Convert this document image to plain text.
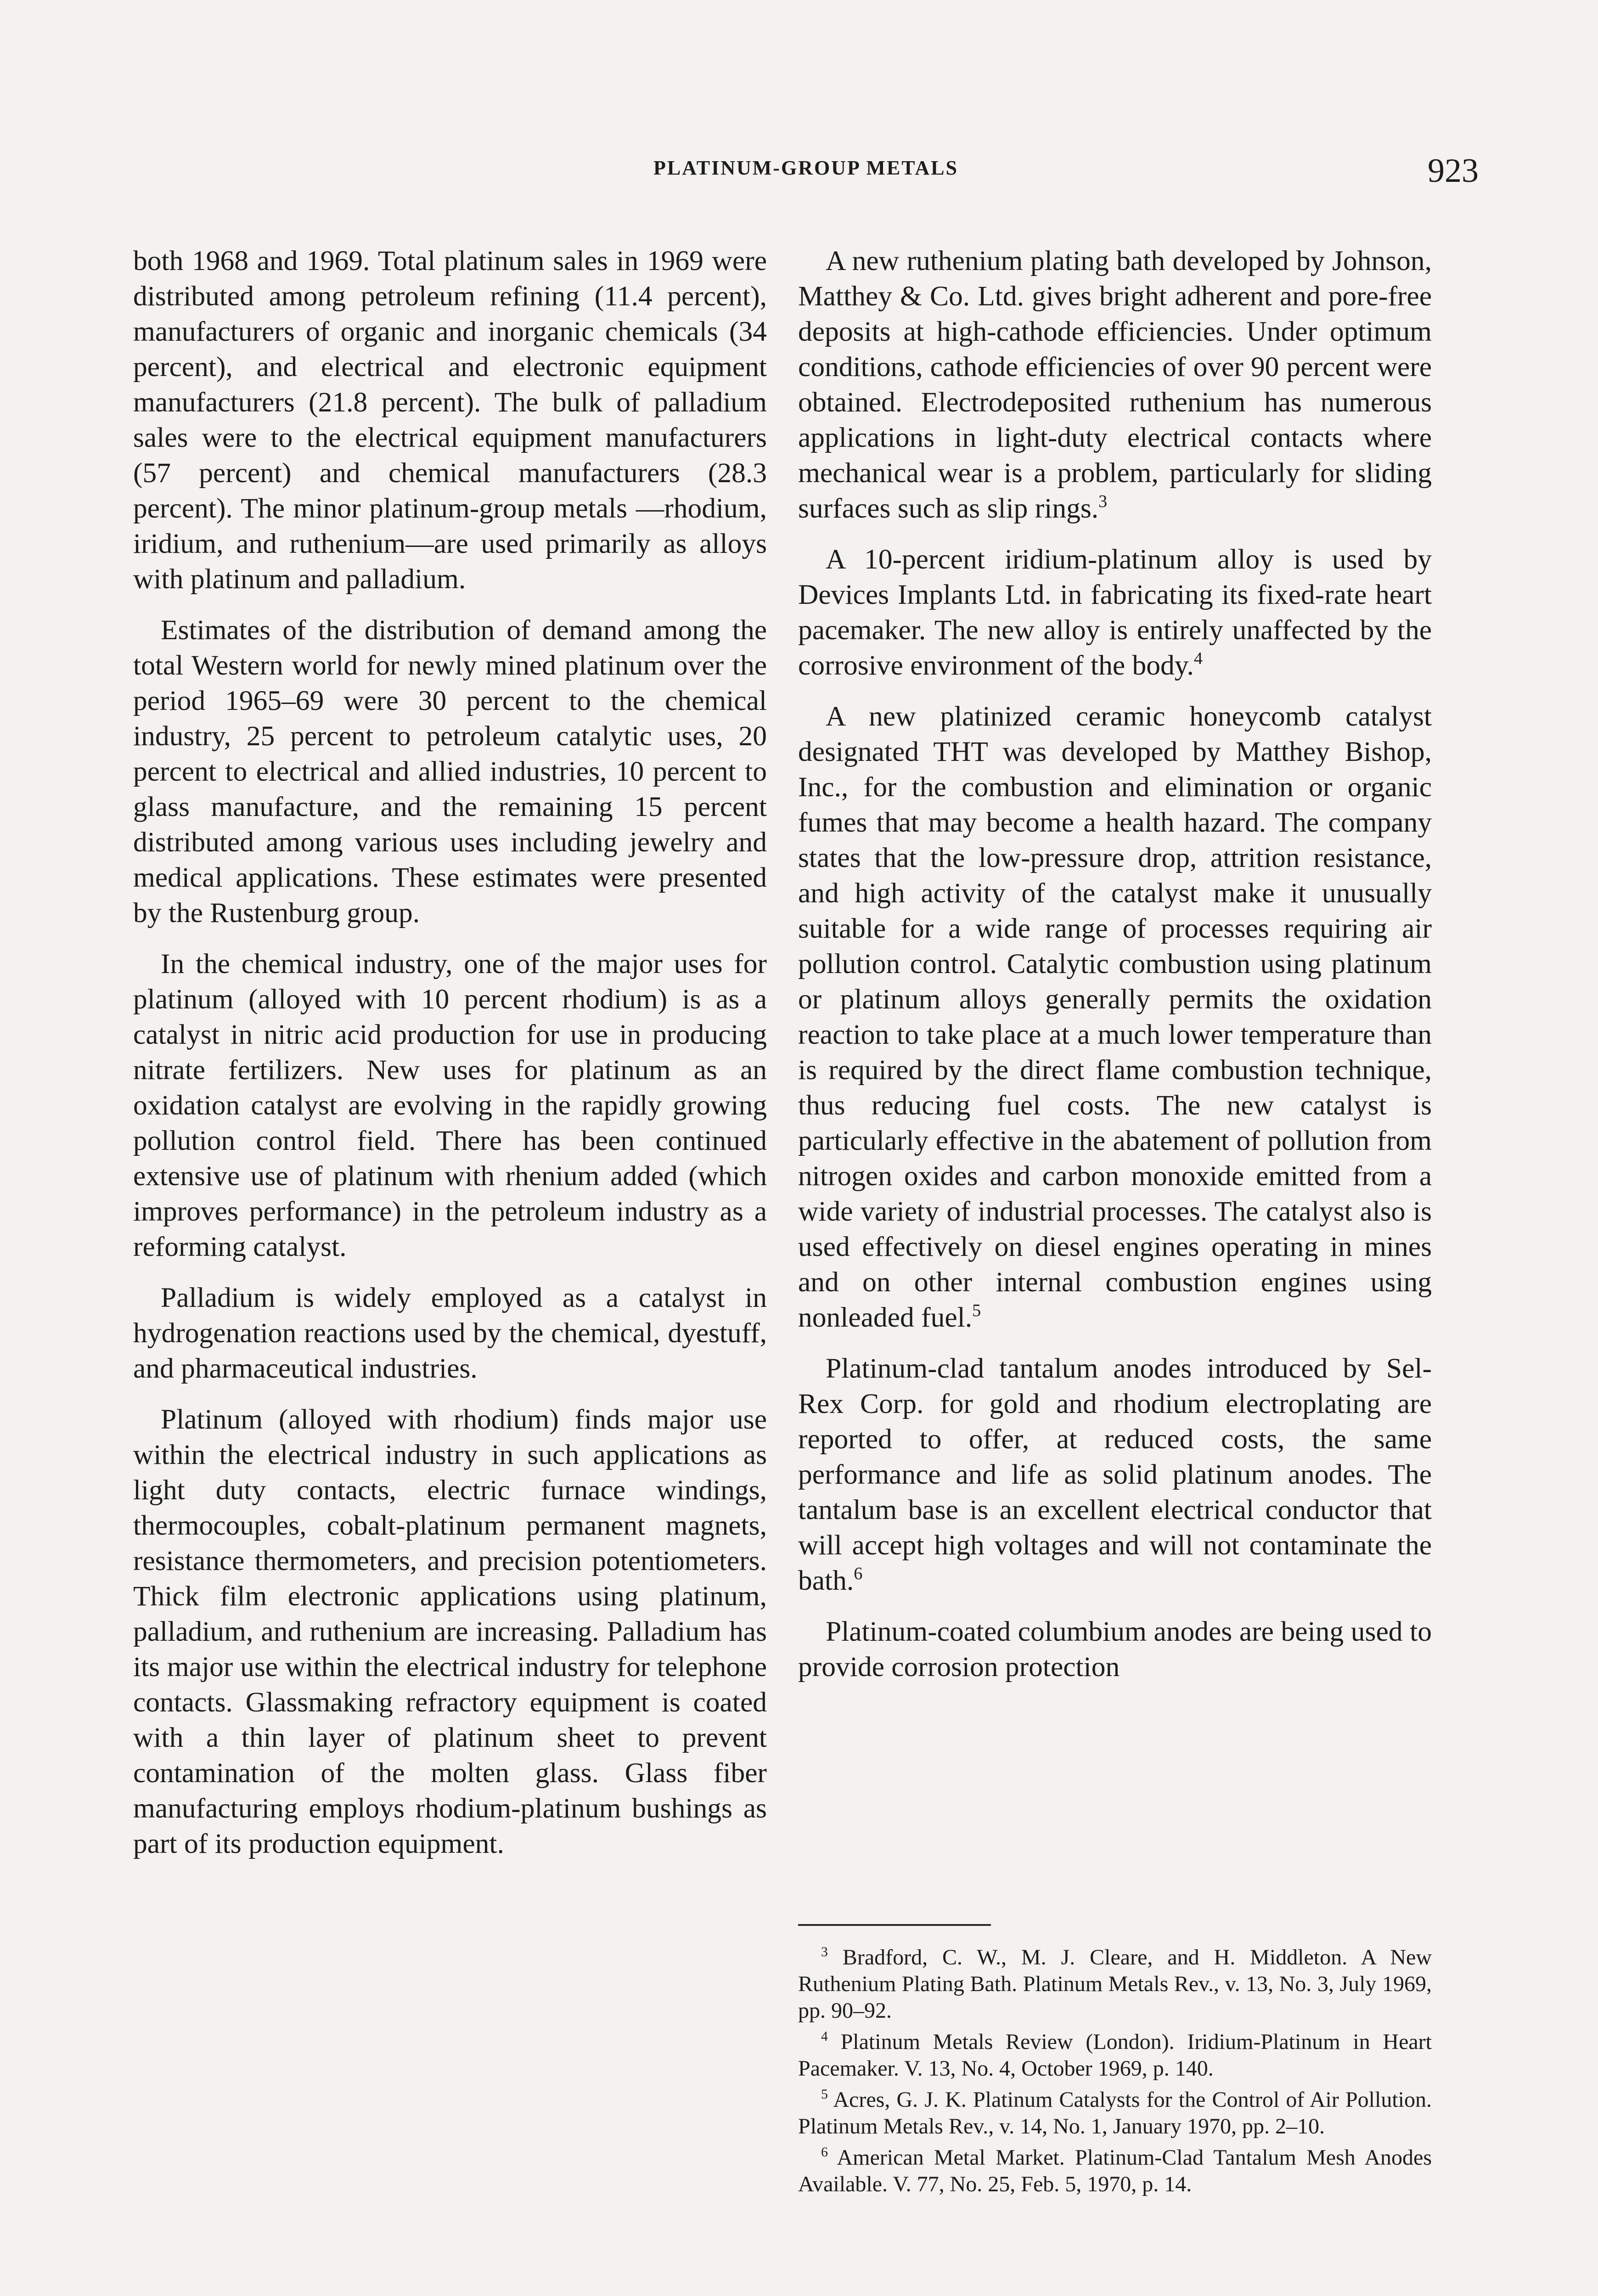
PLATINUM-GROUP METALS	923

both 1968 and 1969. Total platinum sales in 1969 were distributed among petroleum refining (11.4 percent), manufacturers of organic and inorganic chemicals (34 percent), and electrical and electronic equipment manufacturers (21.8 percent). The bulk of palladium sales were to the electrical equipment manufacturers (57 percent) and chemical manufacturers (28.3 percent). The minor platinum-group metals —rhodium, iridium, and ruthenium—are used primarily as alloys with platinum and palladium.

Estimates of the distribution of demand among the total Western world for newly mined platinum over the period 1965–69 were 30 percent to the chemical industry, 25 percent to petroleum catalytic uses, 20 percent to electrical and allied industries, 10 percent to glass manufacture, and the remaining 15 percent distributed among various uses including jewelry and medical applications. These estimates were presented by the Rustenburg group.

In the chemical industry, one of the major uses for platinum (alloyed with 10 percent rhodium) is as a catalyst in nitric acid production for use in producing nitrate fertilizers. New uses for platinum as an oxidation catalyst are evolving in the rapidly growing pollution control field. There has been continued extensive use of platinum with rhenium added (which improves performance) in the petroleum industry as a reforming catalyst.

Palladium is widely employed as a catalyst in hydrogenation reactions used by the chemical, dyestuff, and pharmaceutical industries.

Platinum (alloyed with rhodium) finds major use within the electrical industry in such applications as light duty contacts, electric furnace windings, thermocouples, cobalt-platinum permanent magnets, resistance thermometers, and precision potentiometers. Thick film electronic applications using platinum, palladium, and ruthenium are increasing. Palladium has its major use within the electrical industry for telephone contacts. Glassmaking refractory equipment is coated with a thin layer of platinum sheet to prevent contamination of the molten glass. Glass fiber manufacturing employs rhodium-platinum bushings as part of its production equipment.

A new ruthenium plating bath developed by Johnson, Matthey & Co. Ltd. gives bright adherent and pore-free deposits at high-cathode efficiencies. Under optimum conditions, cathode efficiencies of over 90 percent were obtained. Electrodeposited ruthenium has numerous applications in light-duty electrical contacts where mechanical wear is a problem, particularly for sliding surfaces such as slip rings.$^3$

A 10-percent iridium-platinum alloy is used by Devices Implants Ltd. in fabricating its fixed-rate heart pacemaker. The new alloy is entirely unaffected by the corrosive environment of the body.$^4$

A new platinized ceramic honeycomb catalyst designated THT was developed by Matthey Bishop, Inc., for the combustion and elimination or organic fumes that may become a health hazard. The company states that the low-pressure drop, attrition resistance, and high activity of the catalyst make it unusually suitable for a wide range of processes requiring air pollution control. Catalytic combustion using platinum or platinum alloys generally permits the oxidation reaction to take place at a much lower temperature than is required by the direct flame combustion technique, thus reducing fuel costs. The new catalyst is particularly effective in the abatement of pollution from nitrogen oxides and carbon monoxide emitted from a wide variety of industrial processes. The catalyst also is used effectively on diesel engines operating in mines and on other internal combustion engines using nonleaded fuel.$^5$

Platinum-clad tantalum anodes introduced by Sel-Rex Corp. for gold and rhodium electroplating are reported to offer, at reduced costs, the same performance and life as solid platinum anodes. The tantalum base is an excellent electrical conductor that will accept high voltages and will not contaminate the bath.$^6$

Platinum-coated columbium anodes are being used to provide corrosion protection

$^3$ Bradford, C. W., M. J. Cleare, and H. Middleton. A New Ruthenium Plating Bath. Platinum Metals Rev., v. 13, No. 3, July 1969, pp. 90–92.

$^4$ Platinum Metals Review (London). Iridium-Platinum in Heart Pacemaker. V. 13, No. 4, October 1969, p. 140.

$^5$ Acres, G. J. K. Platinum Catalysts for the Control of Air Pollution. Platinum Metals Rev., v. 14, No. 1, January 1970, pp. 2–10.

$^6$ American Metal Market. Platinum-Clad Tantalum Mesh Anodes Available. V. 77, No. 25, Feb. 5, 1970, p. 14.
